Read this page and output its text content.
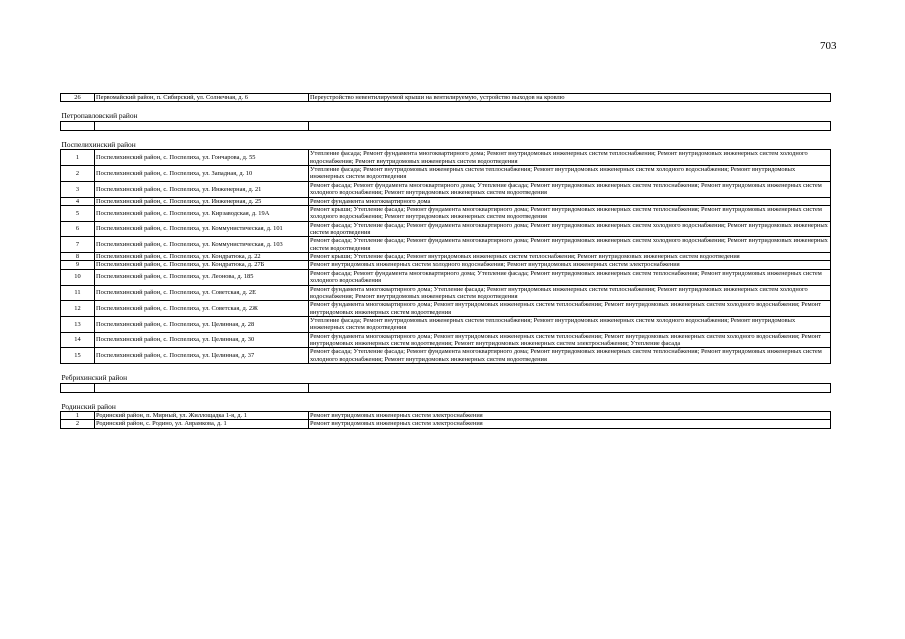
703
26	Первомайский район, п. Сибирский, ул. Солнечная, д. 6	Переустройство невентилируемой крыши на вентилируемую, устройство выходов на кровлю
Петропавловский район		

Поспелихинский район		
1	Поспелихинский район, с. Поспелиха, ул. Гончарова, д. 55	Утепление фасада; Ремонт фундамента многоквартирного дома; Ремонт внутридомовых инженерных систем теплоснабжения; Ремонт внутридомовых инженерных систем холодного водоснабжения; Ремонт внутридомовых инженерных систем водоотведения
2	Поспелихинский район, с. Поспелиха, ул. Западная, д. 10	Утепление фасада; Ремонт внутридомовых инженерных систем теплоснабжения; Ремонт внутридомовых инженерных систем холодного водоснабжения; Ремонт внутридомовых инженерных систем водоотведения
3	Поспелихинский район, с. Поспелиха, ул. Инженерная, д. 21	Ремонт фасада; Ремонт фундамента многоквартирного дома; Утепление фасада; Ремонт внутридомовых инженерных систем теплоснабжения; Ремонт внутридомовых инженерных систем холодного водоснабжения; Ремонт внутридомовых инженерных систем водоотведения
4	Поспелихинский район, с. Поспелиха, ул. Инженерная, д. 25	Ремонт фундамента многоквартирного дома
5	Поспелихинский район, с. Поспелиха, ул. Кирзаводская, д. 19А	Ремонт крыши; Утепление фасада; Ремонт фундамента многоквартирного дома; Ремонт внутридомовых инженерных систем теплоснабжения; Ремонт внутридомовых инженерных систем холодного водоснабжения; Ремонт внутридомовых инженерных систем водоотведения
6	Поспелихинский район, с. Поспелиха, ул. Коммунистическая, д. 101	Ремонт фасада; Утепление фасада; Ремонт фундамента многоквартирного дома; Ремонт внутридомовых инженерных систем холодного водоснабжения; Ремонт внутридомовых инженерных систем водоотведения
7	Поспелихинский район, с. Поспелиха, ул. Коммунистическая, д. 103	Ремонт фасада; Утепление фасада; Ремонт фундамента многоквартирного дома; Ремонт внутридомовых инженерных систем холодного водоснабжения; Ремонт внутридомовых инженерных систем водоотведения
8	Поспелихинский район, с. Поспелиха, ул. Кондратюка, д. 22	Ремонт крыши; Утепление фасада; Ремонт внутридомовых инженерных систем теплоснабжения; Ремонт внутридомовых инженерных систем водоотведения
9	Поспелихинский район, с. Поспелиха, ул. Кондратюка, д. 27Б	Ремонт внутридомовых инженерных систем холодного водоснабжения; Ремонт внутридомовых инженерных систем электроснабжения
10	Поспелихинский район, с. Поспелиха, ул. Леонова, д. 185	Ремонт фасада; Ремонт фундамента многоквартирного дома; Утепление фасада; Ремонт внутридомовых инженерных систем теплоснабжения; Ремонт внутридомовых инженерных систем холодного водоснабжения
11	Поспелихинский район, с. Поспелиха, ул. Советская, д. 2Е	Ремонт фундамента многоквартирного дома; Утепление фасада; Ремонт внутридомовых инженерных систем теплоснабжения; Ремонт внутридомовых инженерных систем холодного водоснабжения; Ремонт внутридомовых инженерных систем водоотведения
12	Поспелихинский район, с. Поспелиха, ул. Советская, д. 2Ж	Ремонт фундамента многоквартирного дома; Ремонт внутридомовых инженерных систем теплоснабжения; Ремонт внутридомовых инженерных систем холодного водоснабжения; Ремонт внутридомовых инженерных систем водоотведения
13	Поспелихинский район, с. Поспелиха, ул. Целинная, д. 28	Утепление фасада; Ремонт внутридомовых инженерных систем теплоснабжения; Ремонт внутридомовых инженерных систем холодного водоснабжения; Ремонт внутридомовых инженерных систем водоотведения
14	Поспелихинский район, с. Поспелиха, ул. Целинная, д. 30	Ремонт фундамента многоквартирного дома; Ремонт внутридомовых инженерных систем теплоснабжения; Ремонт внутридомовых инженерных систем холодного водоснабжения; Ремонт внутридомовых инженерных систем водоотведения; Ремонт внутридомовых инженерных систем электроснабжения; Утепление фасада
15	Поспелихинский район, с. Поспелиха, ул. Целинная, д. 37	Ремонт фасада; Утепление фасада; Ремонт фундамента многоквартирного дома; Ремонт внутридомовых инженерных систем теплоснабжения; Ремонт внутридомовых инженерных систем холодного водоснабжения; Ремонт внутридомовых инженерных систем водоотведения
Ребрихинский район		

Родинский район		
1	Родинский район, п. Мирный, ул. Жиллощадка 1-я, д. 1	Ремонт внутридомовых инженерных систем электроснабжения
2	Родинский район, с. Родино, ул. Аврамкова, д. 1	Ремонт внутридомовых инженерных систем электроснабжения
